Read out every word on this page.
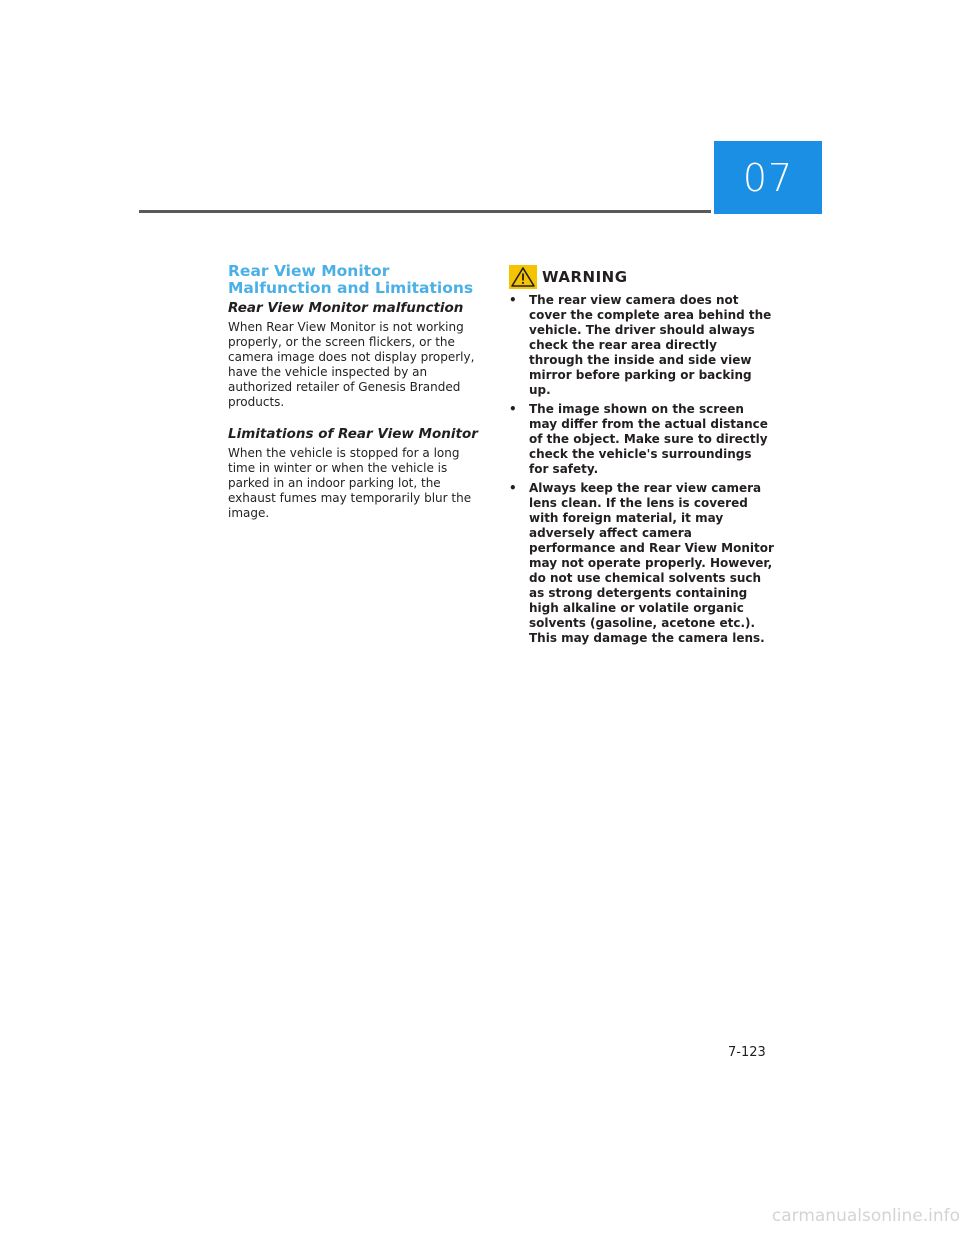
07
Rear View Monitor Malfunction and Limitations
Rear View Monitor malfunction

When Rear View Monitor is not working properly, or the screen flickers, or the camera image does not display properly, have the vehicle inspected by an authorized retailer of Genesis Branded products.

Limitations of Rear View Monitor

When the vehicle is stopped for a long time in winter or when the vehicle is parked in an indoor parking lot, the exhaust fumes may temporarily blur the image.

WARNING
• The rear view camera does not cover the complete area behind the vehicle. The driver should always check the rear area directly through the inside and side view mirror before parking or backing up.
• The image shown on the screen may differ from the actual distance of the object. Make sure to directly check the vehicle's surroundings for safety.
• Always keep the rear view camera lens clean. If the lens is covered with foreign material, it may adversely affect camera performance and Rear View Monitor may not operate properly. However, do not use chemical solvents such as strong detergents containing high alkaline or volatile organic solvents (gasoline, acetone etc.). This may damage the camera lens.
7-123
carmanualsonline.info
